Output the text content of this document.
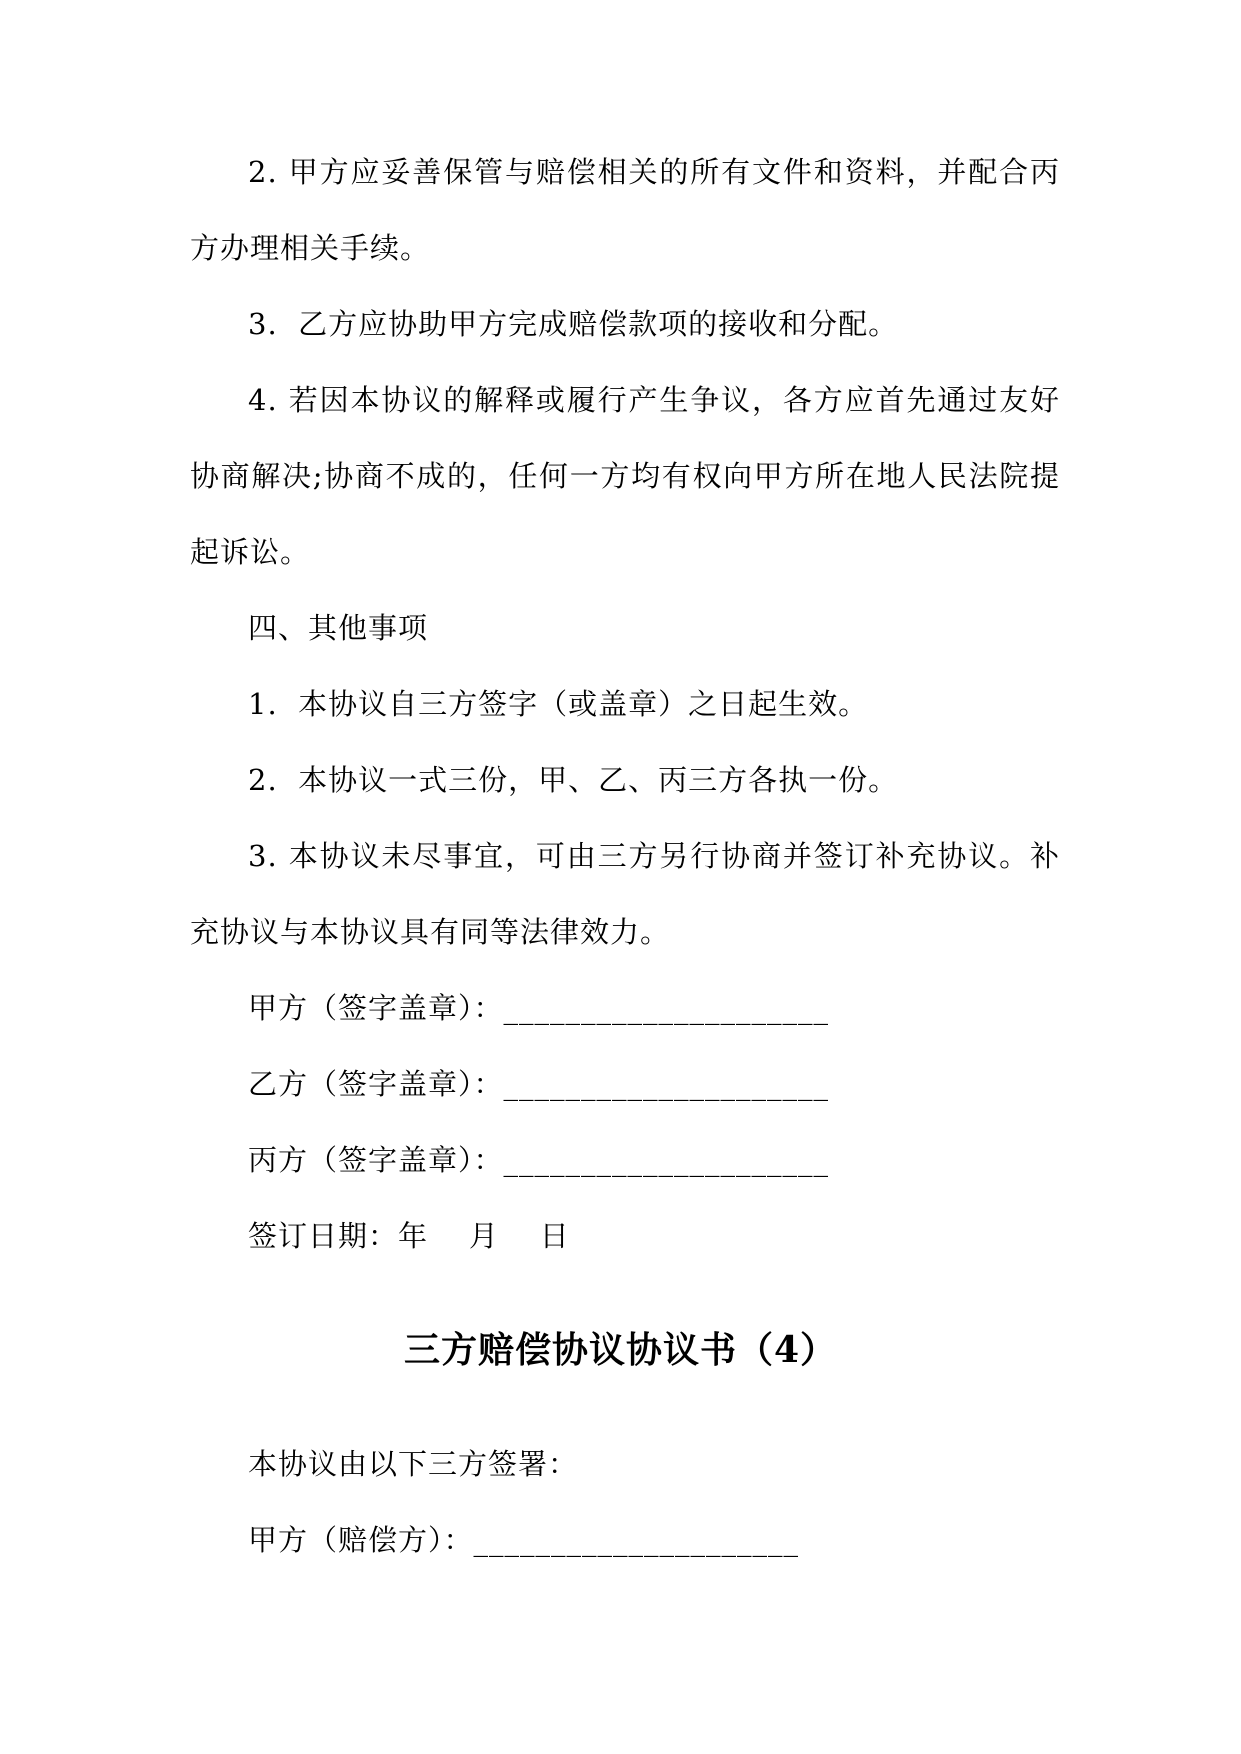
2. 甲方应妥善保管与赔偿相关的所有文件和资料，并配合丙方办理相关手续。

3.  乙方应协助甲方完成赔偿款项的接收和分配。

4. 若因本协议的解释或履行产生争议，各方应首先通过友好协商解决;协商不成的，任何一方均有权向甲方所在地人民法院提起诉讼。

四、其他事项
1.  本协议自三方签字（或盖章）之日起生效。
2.  本协议一式三份，甲、乙、丙三方各执一份。

3. 本协议未尽事宜，可由三方另行协商并签订补充协议。补充协议与本协议具有同等法律效力。

甲方（签字盖章）：_____________________
乙方（签字盖章）：_____________________
丙方（签字盖章）：_____________________
签订日期：年    月    日
三方赔偿协议协议书（4）
本协议由以下三方签署：
甲方（赔偿方）：_____________________
